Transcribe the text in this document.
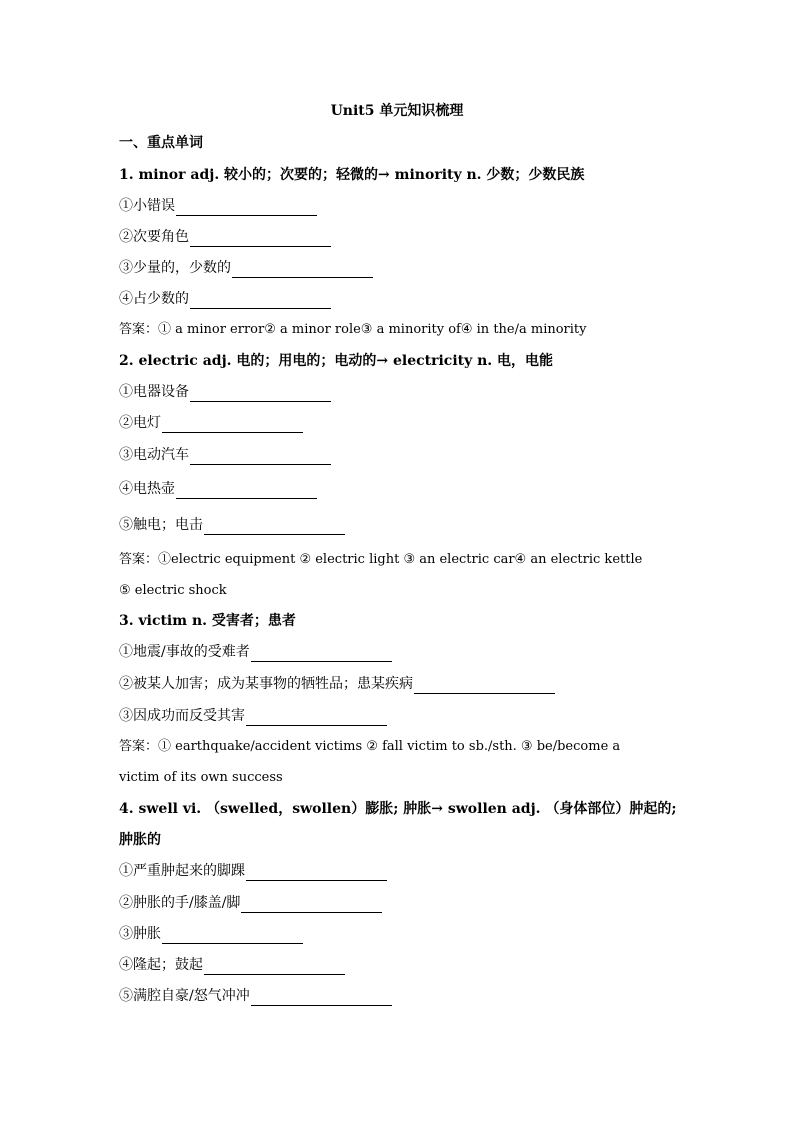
Unit5 单元知识梳理
一、重点单词
1. minor adj. 较小的；次要的；轻微的→ minority n. 少数；少数民族
①小错误
②次要角色
③少量的，少数的
④占少数的
答案：① a minor error② a minor role③ a minority of④ in the/a minority
2. electric adj. 电的；用电的；电动的→ electricity n. 电，电能
①电器设备
②电灯
③电动汽车
④电热壶
⑤触电；电击
答案：①electric equipment ② electric light ③ an electric car④ an electric kettle
⑤ electric shock
3. victim n. 受害者；患者
①地震/事故的受难者
②被某人加害；成为某事物的牺牲品；患某疾病
③因成功而反受其害
答案：① earthquake/accident victims ② fall victim to sb./sth. ③ be/become a
victim of its own success
4. swell vi. （swelled，swollen）膨胀; 肿胀→ swollen adj. （身体部位）肿起的;
肿胀的
①严重肿起来的脚踝
②肿胀的手/膝盖/脚
③肿胀
④隆起；鼓起
⑤满腔自豪/怒气冲冲
